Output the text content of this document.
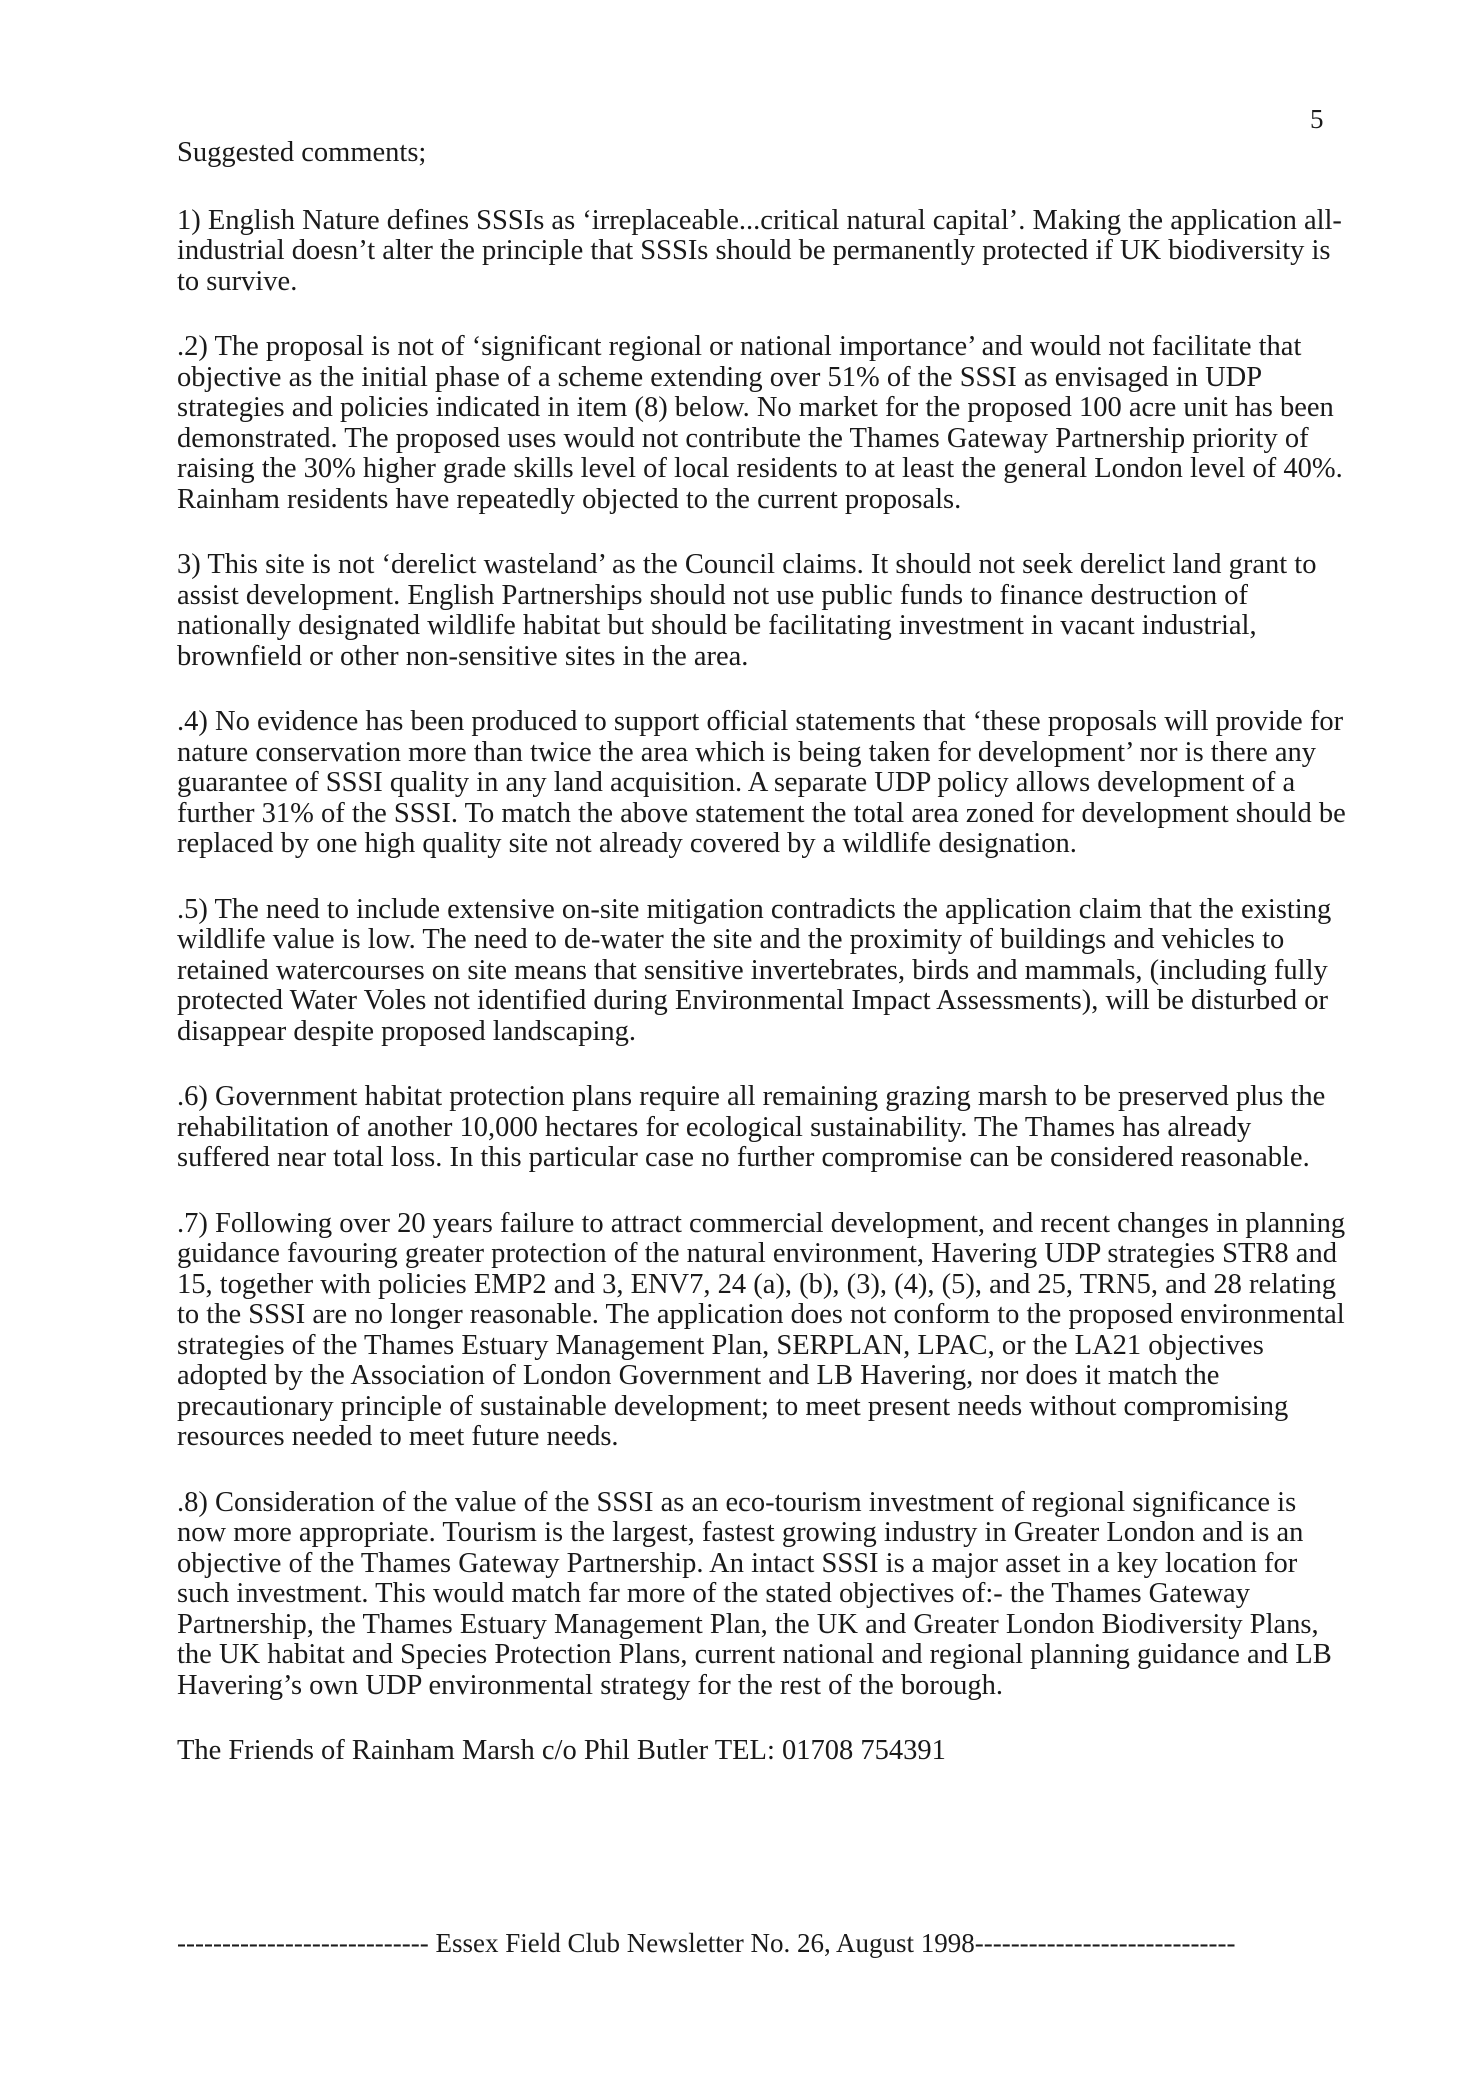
5

Suggested comments;

1) English Nature defines SSSIs as ‘irreplaceable...critical natural capital’. Making the application all-industrial doesn’t alter the principle that SSSIs should be permanently protected if UK biodiversity is to survive.

.2) The proposal is not of ‘significant regional or national importance’ and would not facilitate that objective as the initial phase of a scheme extending over 51% of the SSSI as envisaged in UDP strategies and policies indicated in item (8) below. No market for the proposed 100 acre unit has been demonstrated. The proposed uses would not contribute the Thames Gateway Partnership priority of raising the 30% higher grade skills level of local residents to at least the general London level of 40%. Rainham residents have repeatedly objected to the current proposals.

3) This site is not ‘derelict wasteland’ as the Council claims. It should not seek derelict land grant to assist development. English Partnerships should not use public funds to finance destruction of nationally designated wildlife habitat but should be facilitating investment in vacant industrial, brownfield or other non-sensitive sites in the area.

.4) No evidence has been produced to support official statements that ‘these proposals will provide for nature conservation more than twice the area which is being taken for development’ nor is there any guarantee of SSSI quality in any land acquisition. A separate UDP policy allows development of a further 31% of the SSSI. To match the above statement the total area zoned for development should be replaced by one high quality site not already covered by a wildlife designation.

.5) The need to include extensive on-site mitigation contradicts the application claim that the existing wildlife value is low. The need to de-water the site and the proximity of buildings and vehicles to retained watercourses on site means that sensitive invertebrates, birds and mammals, (including fully protected Water Voles not identified during Environmental Impact Assessments), will be disturbed or disappear despite proposed landscaping.

.6) Government habitat protection plans require all remaining grazing marsh to be preserved plus the rehabilitation of another 10,000 hectares for ecological sustainability. The Thames has already suffered near total loss. In this particular case no further compromise can be considered reasonable.

.7) Following over 20 years failure to attract commercial development, and recent changes in planning guidance favouring greater protection of the natural environment, Havering UDP strategies STR8 and 15, together with policies EMP2 and 3, ENV7, 24 (a), (b), (3), (4), (5), and 25, TRN5, and 28 relating to the SSSI are no longer reasonable. The application does not conform to the proposed environmental strategies of the Thames Estuary Management Plan, SERPLAN, LPAC, or the LA21 objectives adopted by the Association of London Government and LB Havering, nor does it match the precautionary principle of sustainable development; to meet present needs without compromising resources needed to meet future needs.

.8) Consideration of the value of the SSSI as an eco-tourism investment of regional significance is now more appropriate. Tourism is the largest, fastest growing industry in Greater London and is an objective of the Thames Gateway Partnership. An intact SSSI is a major asset in a key location for such investment. This would match far more of the stated objectives of:- the Thames Gateway Partnership, the Thames Estuary Management Plan, the UK and Greater London Biodiversity Plans, the UK habitat and Species Protection Plans, current national and regional planning guidance and LB Havering’s own UDP environmental strategy for the rest of the borough.

The Friends of Rainham Marsh c/o Phil Butler TEL: 01708 754391

---------------------------- Essex Field Club Newsletter No. 26, August 1998-----------------------------
